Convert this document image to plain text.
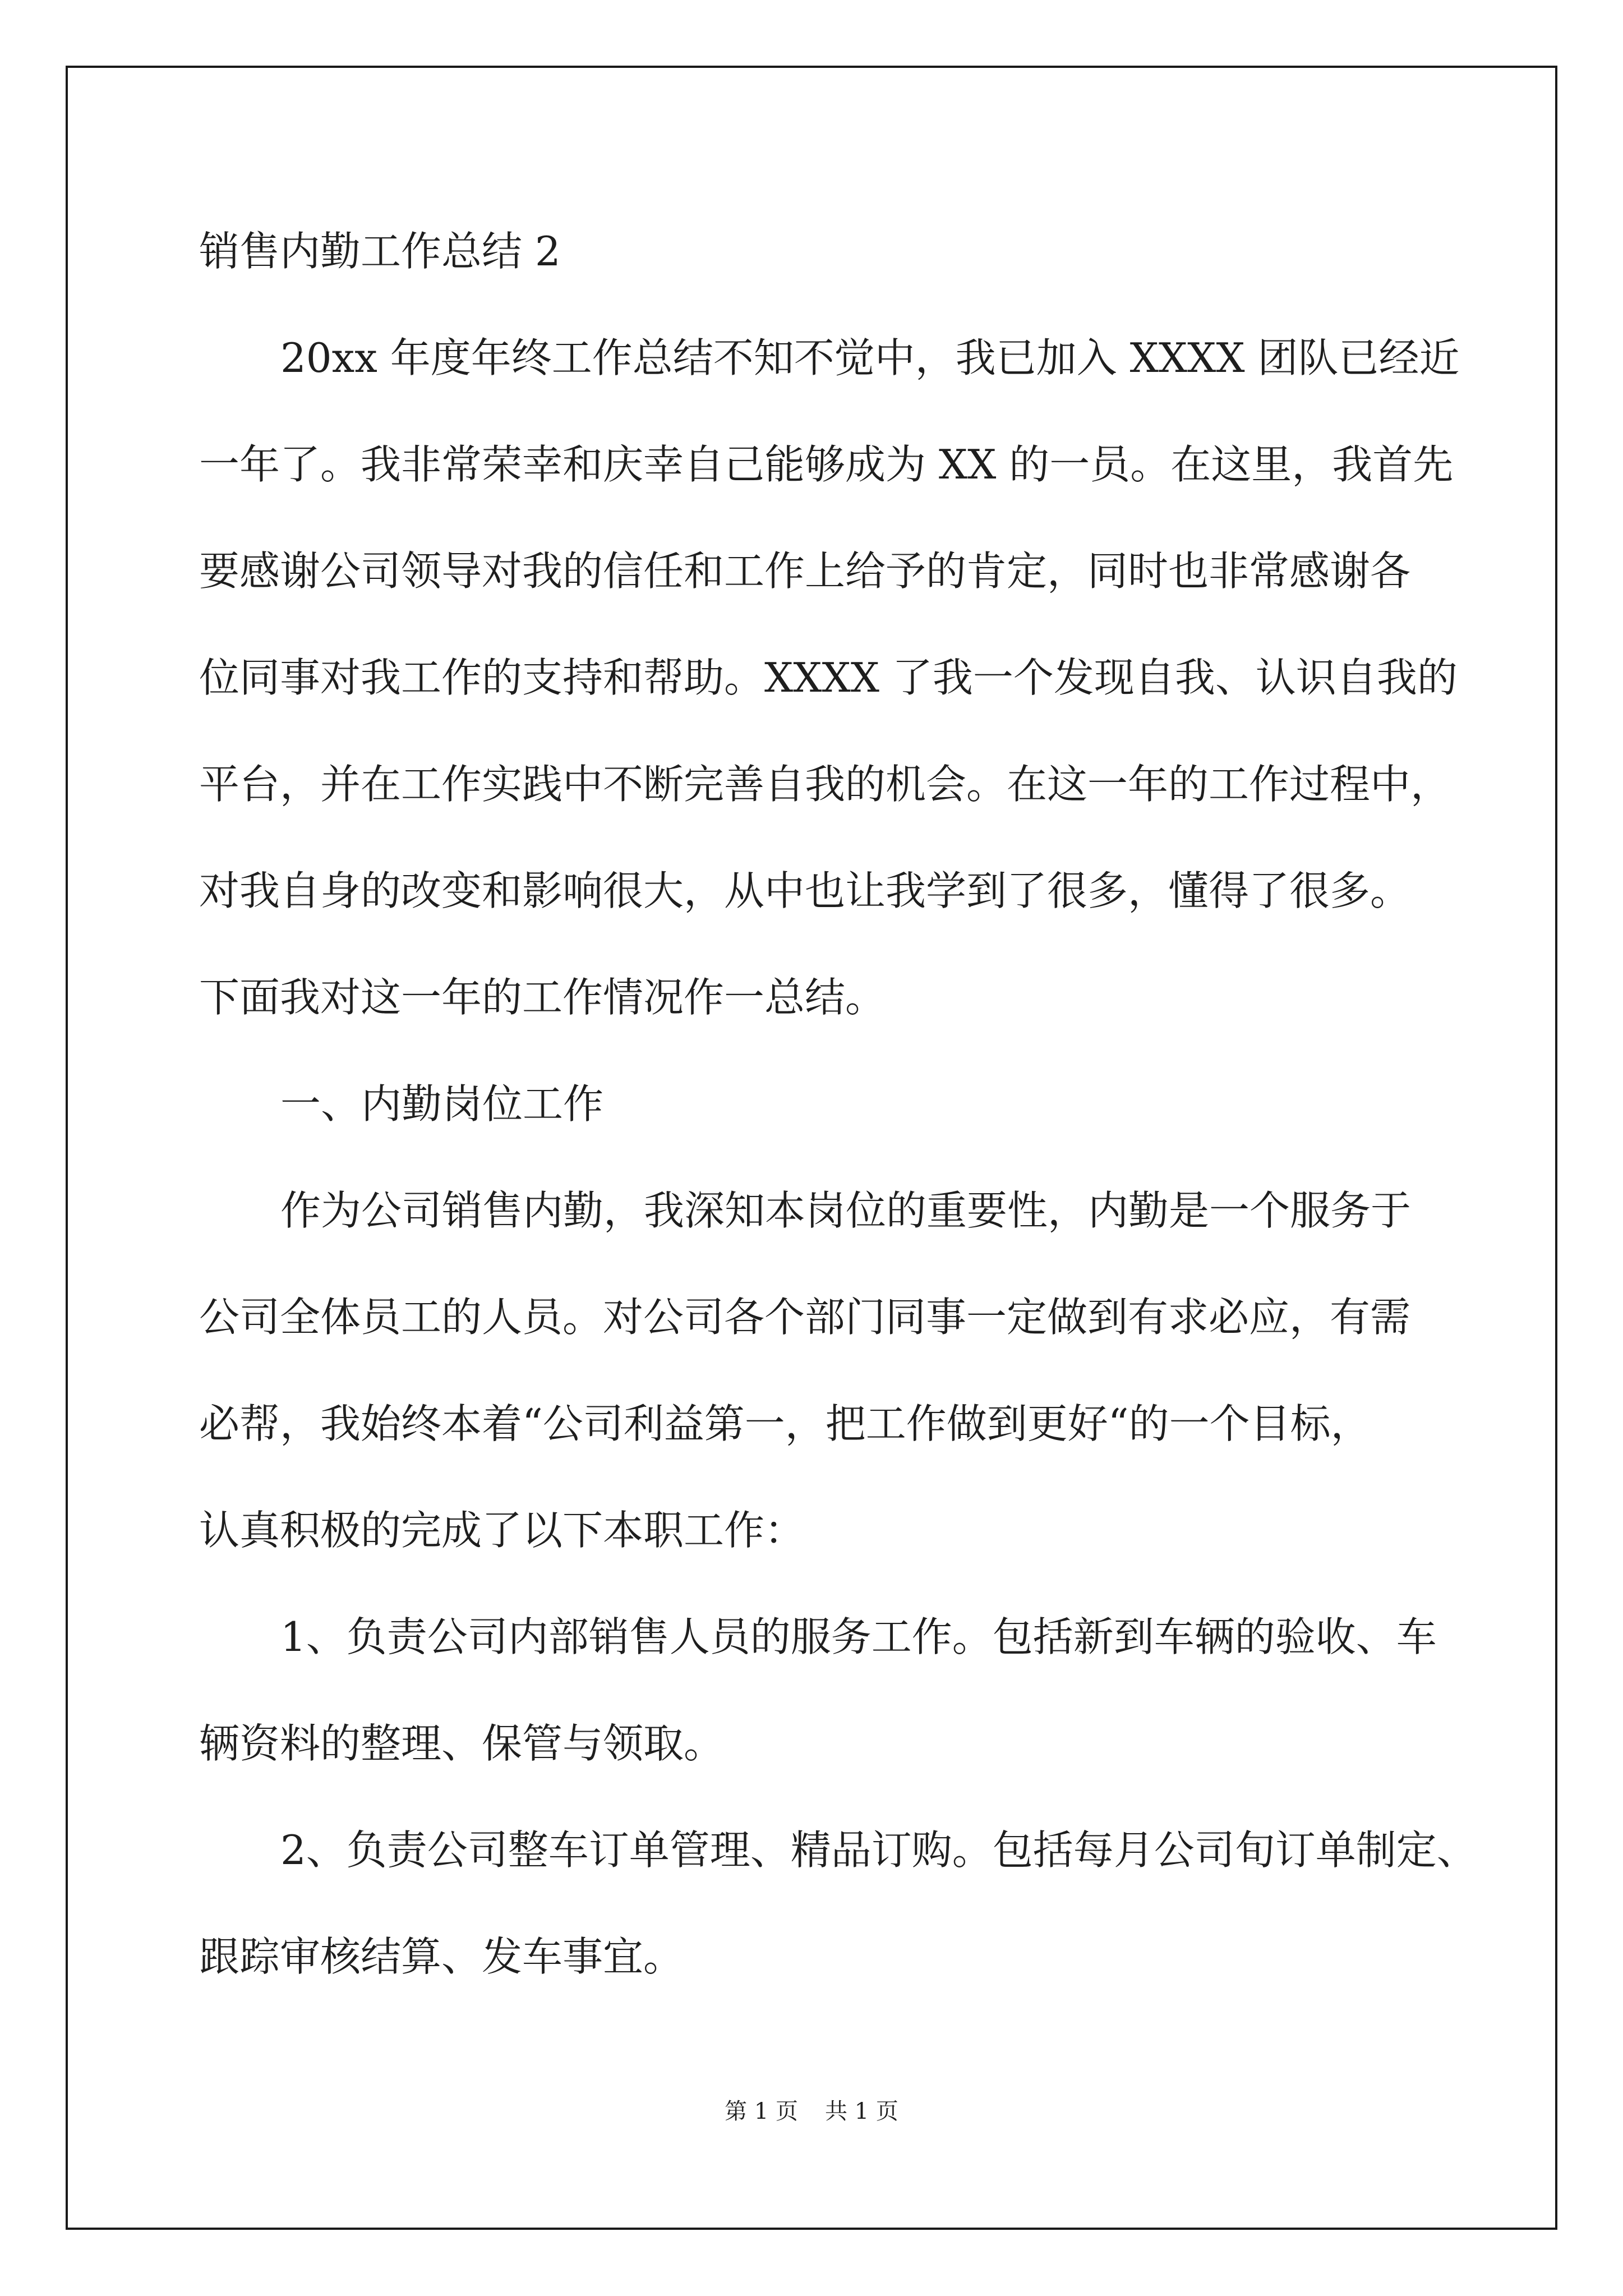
销售内勤工作总结 2
20xx 年度年终工作总结不知不觉中，我已加入 XXXX 团队已经近
一年了。我非常荣幸和庆幸自己能够成为 XX 的一员。在这里，我首先
要感谢公司领导对我的信任和工作上给予的肯定，同时也非常感谢各
位同事对我工作的支持和帮助。XXXX 了我一个发现自我、认识自我的
平台，并在工作实践中不断完善自我的机会。在这一年的工作过程中，
对我自身的改变和影响很大，从中也让我学到了很多，懂得了很多。
下面我对这一年的工作情况作一总结。
一、内勤岗位工作
作为公司销售内勤，我深知本岗位的重要性，内勤是一个服务于
公司全体员工的人员。对公司各个部门同事一定做到有求必应，有需
必帮，我始终本着“公司利益第一，把工作做到更好“的一个目标，
认真积极的完成了以下本职工作：
1、负责公司内部销售人员的服务工作。包括新到车辆的验收、车
辆资料的整理、保管与领取。
2、负责公司整车订单管理、精品订购。包括每月公司旬订单制定、
跟踪审核结算、发车事宜。
第 1 页 共 1 页
